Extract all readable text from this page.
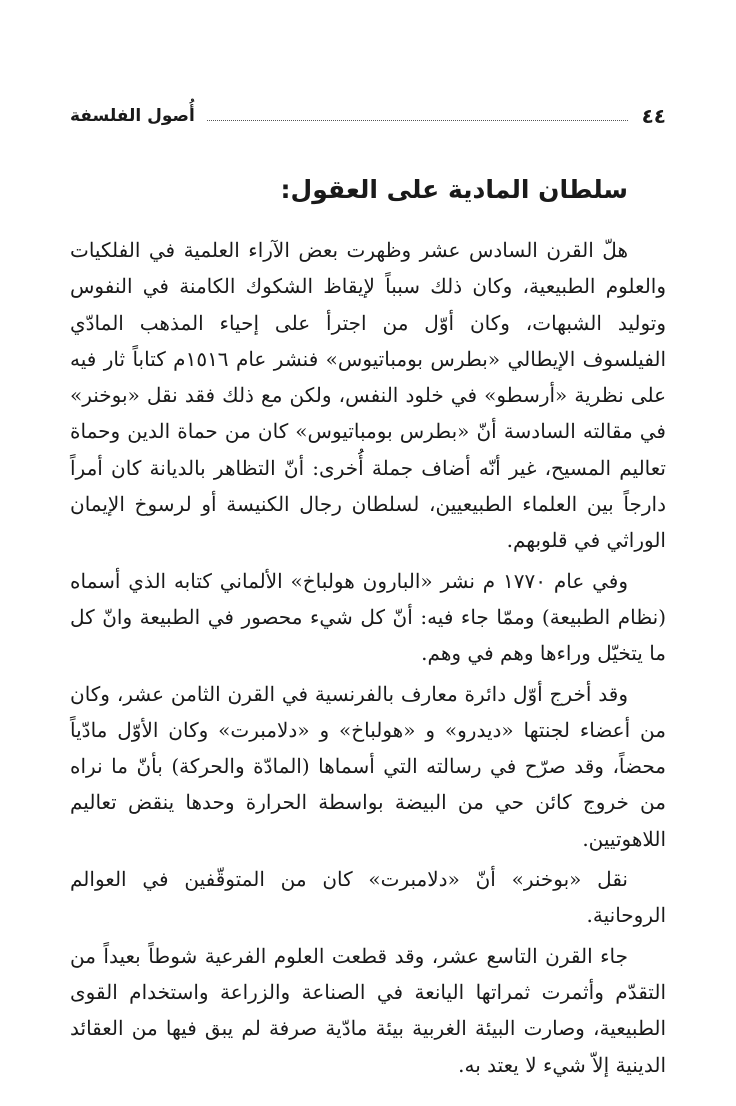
٤٤
أُصول الفلسفة
سلطان المادية على العقول:

هلّ القرن السادس عشر وظهرت بعض الآراء العلمية في الفلكيات والعلوم الطبيعية، وكان ذلك سبباً لإيقاظ الشكوك الكامنة في النفوس وتوليد الشبهات، وكان أوّل من اجترأ على إحياء المذهب المادّي الفيلسوف الإيطالي «بطرس بومباتيوس» فنشر عام ١٥١٦م كتاباً ثار فيه على نظرية «أرسطو» في خلود النفس، ولكن مع ذلك فقد نقل «بوخنر» في مقالته السادسة أنّ «بطرس بومباتيوس» كان من حماة الدين وحماة تعاليم المسيح، غير أنّه أضاف جملة أُخرى: أنّ التظاهر بالديانة كان أمراً دارجاً بين العلماء الطبيعيين، لسلطان رجال الكنيسة أو لرسوخ الإيمان الوراثي في قلوبهم.

وفي عام ١٧٧٠ م نشر «البارون هولباخ» الألماني كتابه الذي أسماه (نظام الطبيعة) وممّا جاء فيه: أنّ كل شيء محصور في الطبيعة وانّ كل ما يتخيّل وراءها وهم في وهم.

وقد أخرج أوّل دائرة معارف بالفرنسية في القرن الثامن عشر، وكان من أعضاء لجنتها «ديدرو» و «هولباخ» و «دلامبرت» وكان الأوّل مادّياً محضاً، وقد صرّح في رسالته التي أسماها (المادّة والحركة) بأنّ ما نراه من خروج كائن حي من البيضة بواسطة الحرارة وحدها ينقض تعاليم اللاهوتيين.

نقل «بوخنر» أنّ «دلامبرت» كان من المتوقّفين في العوالم الروحانية.

جاء القرن التاسع عشر، وقد قطعت العلوم الفرعية شوطاً بعيداً من التقدّم وأثمرت ثمراتها اليانعة في الصناعة والزراعة واستخدام القوى الطبيعية، وصارت البيئة الغربية بيئة مادّية صرفة لم يبق فيها من العقائد الدينية إلاّ شيء لا يعتد به.
